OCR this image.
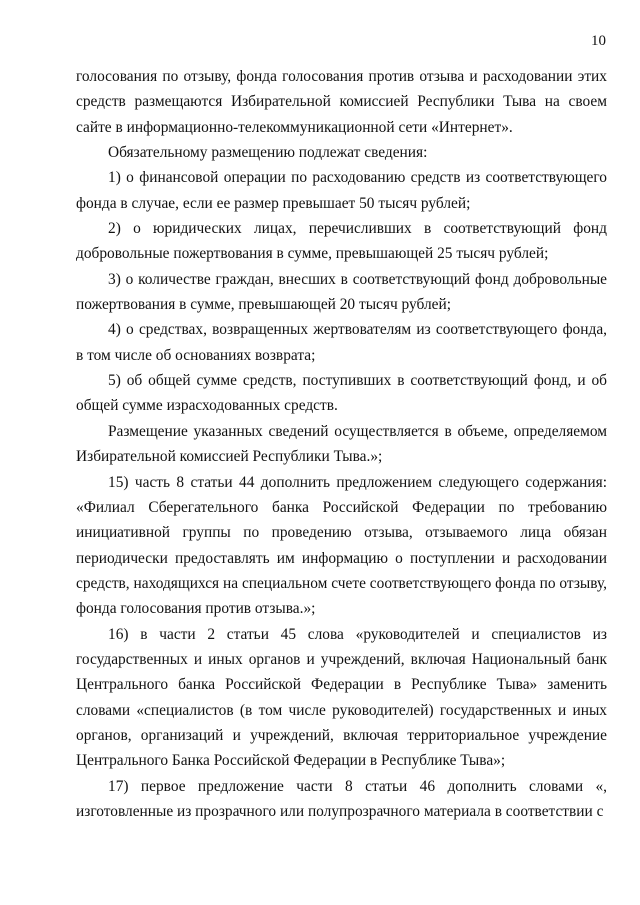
10

голосования по отзыву, фонда голосования против отзыва и расходовании этих средств размещаются Избирательной комиссией Республики Тыва на своем сайте в информационно-телекоммуникационной сети «Интернет».

Обязательному размещению подлежат сведения:

1) о финансовой операции по расходованию средств из соответствующего фонда в случае, если ее размер превышает 50 тысяч рублей;

2) о юридических лицах, перечисливших в соответствующий фонд добровольные пожертвования в сумме, превышающей 25 тысяч рублей;

3) о количестве граждан, внесших в соответствующий фонд добровольные пожертвования в сумме, превышающей 20 тысяч рублей;

4) о средствах, возвращенных жертвователям из соответствующего фонда, в том числе об основаниях возврата;

5) об общей сумме средств, поступивших в соответствующий фонд, и об общей сумме израсходованных средств.

Размещение указанных сведений осуществляется в объеме, определяемом Избирательной комиссией Республики Тыва.»;

15) часть 8 статьи 44 дополнить предложением следующего содержания: «Филиал Сберегательного банка Российской Федерации по требованию инициативной группы по проведению отзыва, отзываемого лица обязан периодически предоставлять им информацию о поступлении и расходовании средств, находящихся на специальном счете соответствующего фонда по отзыву, фонда голосования против отзыва.»;

16) в части 2 статьи 45 слова «руководителей и специалистов из государственных и иных органов и учреждений, включая Национальный банк Центрального банка Российской Федерации в Республике Тыва» заменить словами «специалистов (в том числе руководителей) государственных и иных органов, организаций и учреждений, включая территориальное учреждение Центрального Банка Российской Федерации в Республике Тыва»;

17) первое предложение части 8 статьи 46 дополнить словами «, изготовленные из прозрачного или полупрозрачного материала в соответствии с
